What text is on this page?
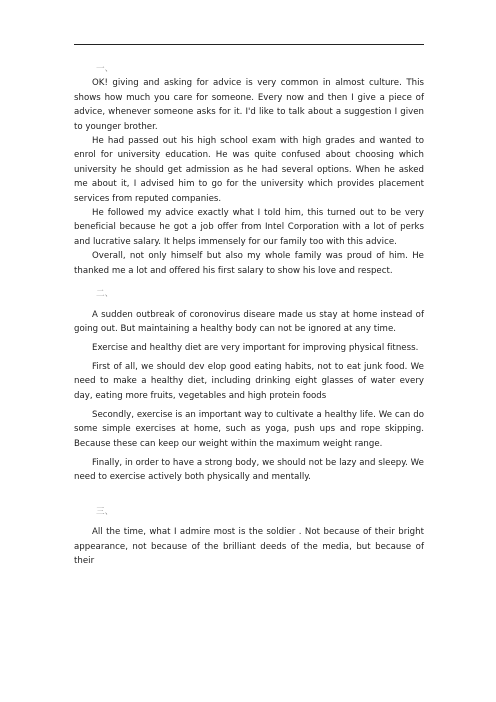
一、

OK! giving and asking for advice is very common in almost culture. This shows how much you care for someone. Every now and then I give a piece of advice, whenever someone asks for it. I'd like to talk about a suggestion I given to younger brother.

He had passed out his high school exam with high grades and wanted to enrol for university education. He was quite confused about choosing which university he should get admission as he had several options. When he asked me about it, I advised him to go for the university which provides placement services from reputed companies.

He followed my advice exactly what I told him, this turned out to be very beneficial because he got a job offer from Intel Corporation with a lot of perks and lucrative salary. It helps immensely for our family too with this advice.

Overall, not only himself but also my whole family was proud of him. He thanked me a lot and offered his first salary to show his love and respect.

二、

A sudden outbreak of coronovirus diseare made us stay at home instead of going out. But maintaining a healthy body can not be ignored at any time.

Exercise and healthy diet are very important for improving physical fitness.

First of all, we should dev elop good eating habits, not to eat junk food. We need to make a healthy diet, including drinking eight glasses of water every day, eating more fruits, vegetables and high protein foods

Secondly, exercise is an important way to cultivate a healthy life. We can do some simple exercises at home, such as yoga, push ups and rope skipping. Because these can keep our weight within the maximum weight range.

Finally, in order to have a strong body, we should not be lazy and sleepy. We need to exercise actively both physically and mentally.

三、

All the time, what I admire most is the soldier . Not because of their bright appearance, not because of the brilliant deeds of the media, but because of their
